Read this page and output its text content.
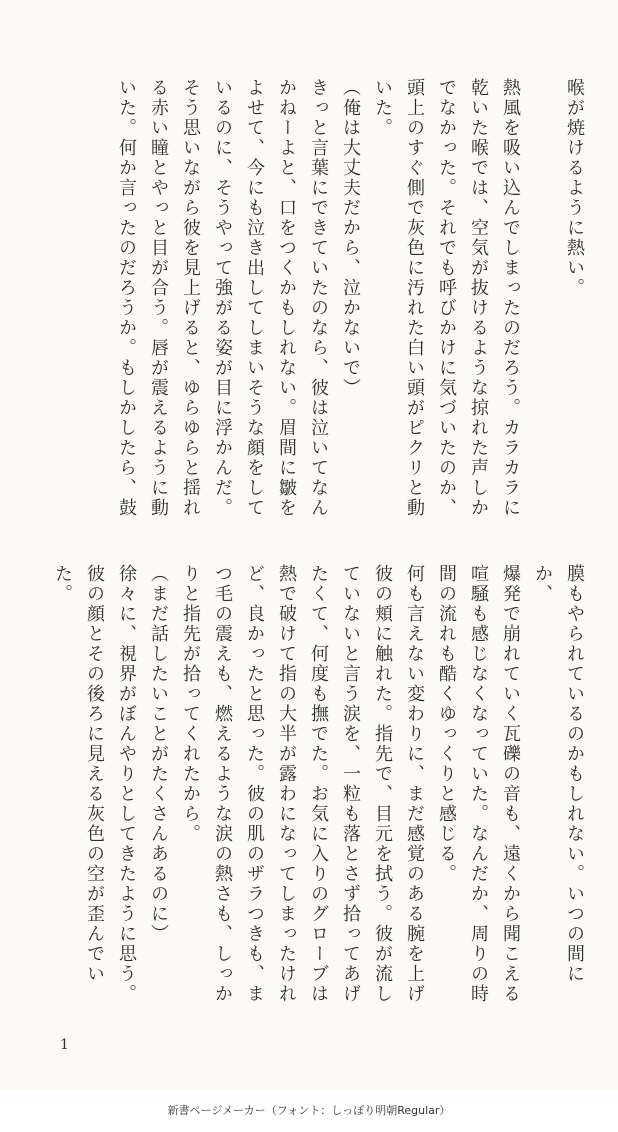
喉が焼けるように熱い。

熱風を吸い込んでしまったのだろう。カラカラに
乾いた喉では、空気が抜けるような掠れた声しか
でなかった。それでも呼びかけに気づいたのか、
頭上のすぐ側で灰色に汚れた白い頭がピクリと動
いた。
（俺は大丈夫だから、泣かないで）
きっと言葉にできていたのなら、彼は泣いてなん
かねーよと、口をつくかもしれない。眉間に皺を
よせて、今にも泣き出してしまいそうな顔をして
いるのに、そうやって強がる姿が目に浮かんだ。
そう思いながら彼を見上げると、ゆらゆらと揺れ
る赤い瞳とやっと目が合う。唇が震えるように動
いた。何か言ったのだろうか。もしかしたら、鼓
膜もやられているのかもしれない。いつの間にか、
爆発で崩れていく瓦礫の音も、遠くから聞こえる
喧騒も感じなくなっていた。なんだか、周りの時
間の流れも酷くゆっくりと感じる。
何も言えない変わりに、まだ感覚のある腕を上げ
彼の頬に触れた。指先で、目元を拭う。彼が流し
ていないと言う涙を、一粒も落とさず拾ってあげ
たくて、何度も撫でた。お気に入りのグローブは
熱で破けて指の大半が露わになってしまったけれ
ど、良かったと思った。彼の肌のザラつきも、ま
つ毛の震えも、燃えるような涙の熱さも、しっか
りと指先が拾ってくれたから。
（まだ話したいことがたくさんあるのに）
徐々に、視界がぼんやりとしてきたように思う。
彼の顔とその後ろに見える灰色の空が歪んでいた。
1
新書ページメーカー（フォント：しっぽり明朝Regular）
